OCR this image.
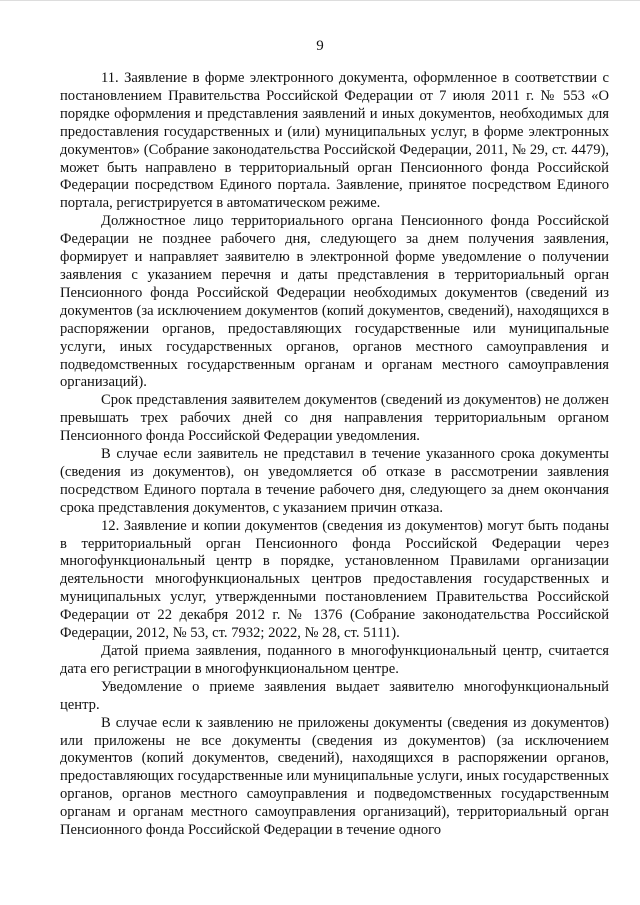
9

11. Заявление в форме электронного документа, оформленное в соответствии с постановлением Правительства Российской Федерации от 7 июля 2011 г. № 553 «О порядке оформления и представления заявлений и иных документов, необходимых для предоставления государственных и (или) муниципальных услуг, в форме электронных документов» (Собрание законодательства Российской Федерации, 2011, № 29, ст. 4479), может быть направлено в территориальный орган Пенсионного фонда Российской Федерации посредством Единого портала. Заявление, принятое посредством Единого портала, регистрируется в автоматическом режиме.

Должностное лицо территориального органа Пенсионного фонда Российской Федерации не позднее рабочего дня, следующего за днем получения заявления, формирует и направляет заявителю в электронной форме уведомление о получении заявления с указанием перечня и даты представления в территориальный орган Пенсионного фонда Российской Федерации необходимых документов (сведений из документов (за исключением документов (копий документов, сведений), находящихся в распоряжении органов, предоставляющих государственные или муниципальные услуги, иных государственных органов, органов местного самоуправления и подведомственных государственным органам и органам местного самоуправления организаций).

Срок представления заявителем документов (сведений из документов) не должен превышать трех рабочих дней со дня направления территориальным органом Пенсионного фонда Российской Федерации уведомления.

В случае если заявитель не представил в течение указанного срока документы (сведения из документов), он уведомляется об отказе в рассмотрении заявления посредством Единого портала в течение рабочего дня, следующего за днем окончания срока представления документов, с указанием причин отказа.

12. Заявление и копии документов (сведения из документов) могут быть поданы в территориальный орган Пенсионного фонда Российской Федерации через многофункциональный центр в порядке, установленном Правилами организации деятельности многофункциональных центров предоставления государственных и муниципальных услуг, утвержденными постановлением Правительства Российской Федерации от 22 декабря 2012 г. № 1376 (Собрание законодательства Российской Федерации, 2012, № 53, ст. 7932; 2022, № 28, ст. 5111).

Датой приема заявления, поданного в многофункциональный центр, считается дата его регистрации в многофункциональном центре.

Уведомление о приеме заявления выдает заявителю многофункциональный центр.

В случае если к заявлению не приложены документы (сведения из документов) или приложены не все документы (сведения из документов) (за исключением документов (копий документов, сведений), находящихся в распоряжении органов, предоставляющих государственные или муниципальные услуги, иных государственных органов, органов местного самоуправления и подведомственных государственным органам и органам местного самоуправления организаций), территориальный орган Пенсионного фонда Российской Федерации в течение одного
